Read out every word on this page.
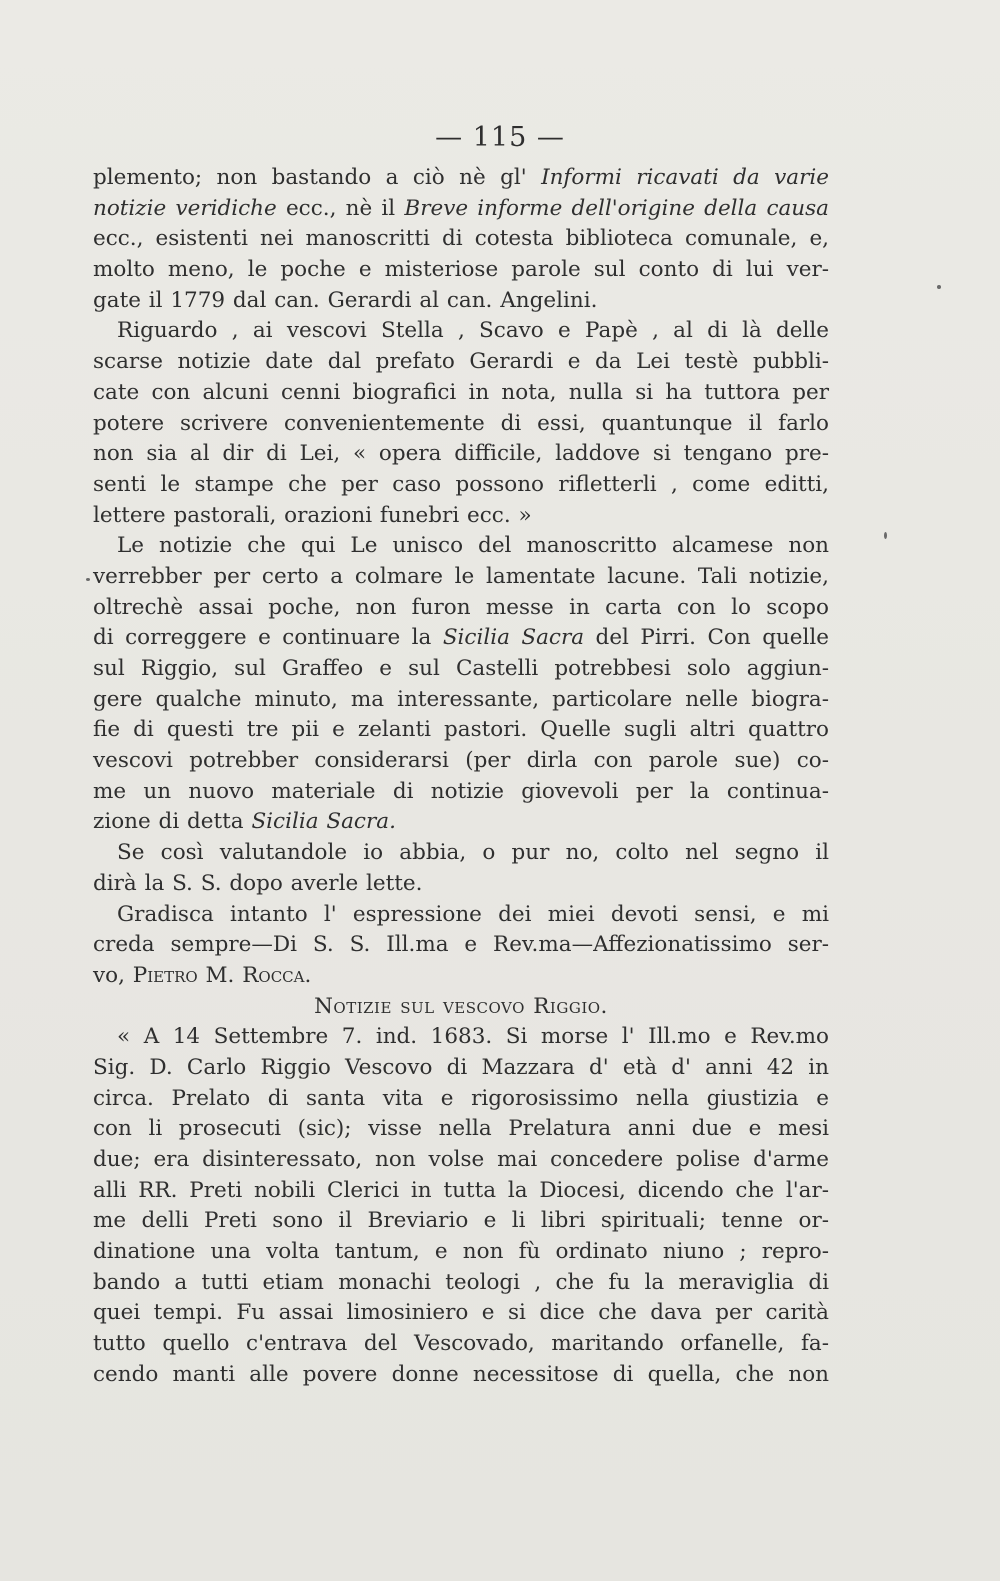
— 115 —
plemento; non bastando a ciò nè gl' Informi ricavati da varie
notizie veridiche ecc., nè il Breve informe dell'origine della causa
ecc., esistenti nei manoscritti di cotesta biblioteca comunale, e,
molto meno, le poche e misteriose parole sul conto di lui ver-
gate il 1779 dal can. Gerardi al can. Angelini.
Riguardo , ai vescovi Stella , Scavo e Papè , al di là delle
scarse notizie date dal prefato Gerardi e da Lei testè pubbli-
cate con alcuni cenni biografici in nota, nulla si ha tuttora per
potere scrivere convenientemente di essi, quantunque il farlo
non sia al dir di Lei, « opera difficile, laddove si tengano pre-
senti le stampe che per caso possono rifletterli , come editti,
lettere pastorali, orazioni funebri ecc. »
Le notizie che qui Le unisco del manoscritto alcamese non
verrebber per certo a colmare le lamentate lacune. Tali notizie,
oltrechè assai poche, non furon messe in carta con lo scopo
di correggere e continuare la Sicilia Sacra del Pirri. Con quelle
sul Riggio, sul Graffeo e sul Castelli potrebbesi solo aggiun-
gere qualche minuto, ma interessante, particolare nelle biogra-
fie di questi tre pii e zelanti pastori. Quelle sugli altri quattro
vescovi potrebber considerarsi (per dirla con parole sue) co-
me un nuovo materiale di notizie giovevoli per la continua-
zione di detta Sicilia Sacra.
Se così valutandole io abbia, o pur no, colto nel segno il
dirà la S. S. dopo averle lette.
Gradisca intanto l' espressione dei miei devoti sensi, e mi
creda sempre—Di S. S. Ill.ma e Rev.ma—Affezionatissimo ser-
vo, Pietro M. Rocca.
Notizie sul vescovo Riggio.
« A 14 Settembre 7. ind. 1683. Si morse l' Ill.mo e Rev.mo
Sig. D. Carlo Riggio Vescovo di Mazzara d' età d' anni 42 in
circa. Prelato di santa vita e rigorosissimo nella giustizia e
con li prosecuti (sic); visse nella Prelatura anni due e mesi
due; era disinteressato, non volse mai concedere polise d'arme
alli RR. Preti nobili Clerici in tutta la Diocesi, dicendo che l'ar-
me delli Preti sono il Breviario e li libri spirituali; tenne or-
dinatione una volta tantum, e non fù ordinato niuno ; repro-
bando a tutti etiam monachi teologi , che fu la meraviglia di
quei tempi. Fu assai limosiniero e si dice che dava per carità
tutto quello c'entrava del Vescovado, maritando orfanelle, fa-
cendo manti alle povere donne necessitose di quella, che non
